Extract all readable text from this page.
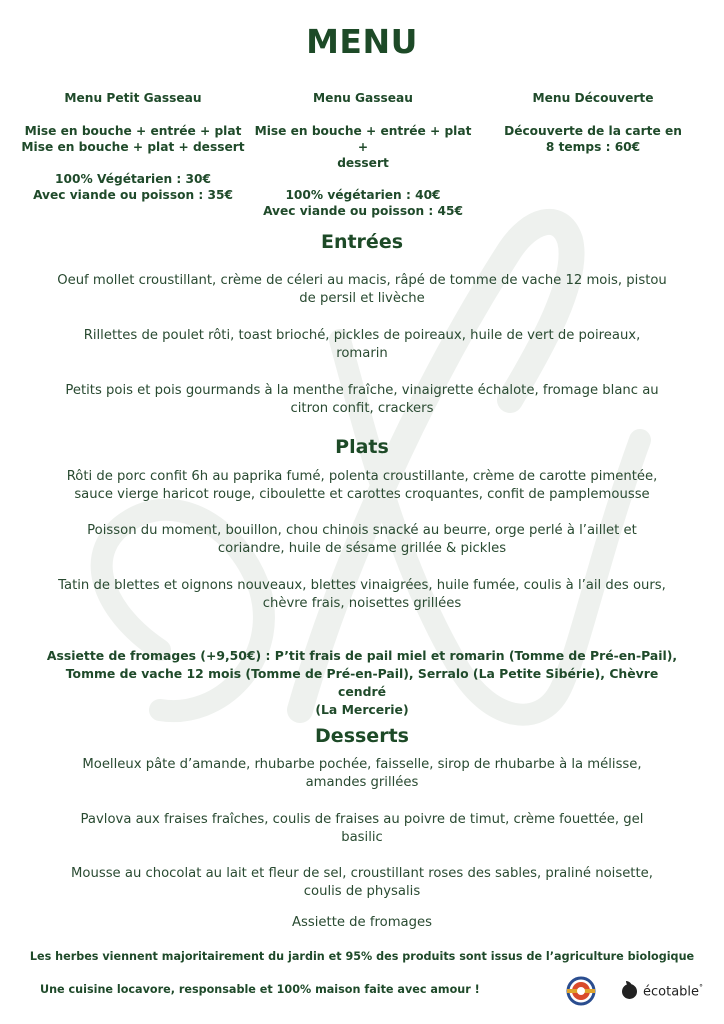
MENU
Menu Petit Gasseau
Mise en bouche + entrée + plat
Mise en bouche + plat + dessert
100% Végétarien : 30€
Avec viande ou poisson : 35€
Menu Gasseau
Mise en bouche + entrée + plat +
dessert
100% végétarien : 40€
Avec viande ou poisson : 45€
Menu Découverte
Découverte de la carte en
8 temps : 60€
Entrées
Oeuf mollet croustillant, crème de céleri au macis, râpé de tomme de vache 12 mois, pistou
de persil et livèche
Rillettes de poulet rôti, toast brioché, pickles de poireaux, huile de vert de poireaux,
romarin
Petits pois et pois gourmands à la menthe fraîche, vinaigrette échalote, fromage blanc au
citron confit, crackers
Plats
Rôti de porc confit 6h au paprika fumé, polenta croustillante, crème de carotte pimentée,
sauce vierge haricot rouge, ciboulette et carottes croquantes, confit de pamplemousse
Poisson du moment, bouillon, chou chinois snacké au beurre, orge perlé à l’aillet et
coriandre, huile de sésame grillée & pickles
Tatin de blettes et oignons nouveaux, blettes vinaigrées, huile fumée, coulis à l’ail des ours,
chèvre frais, noisettes grillées
Assiette de fromages (+9,50€) : P’tit frais de pail miel et romarin (Tomme de Pré-en-Pail),
Tomme de vache 12 mois (Tomme de Pré-en-Pail), Serralo (La Petite Sibérie), Chèvre cendré
(La Mercerie)
Desserts
Moelleux pâte d’amande, rhubarbe pochée, faisselle, sirop de rhubarbe à la mélisse,
amandes grillées
Pavlova aux fraises fraîches, coulis de fraises au poivre de timut, crème fouettée, gel
basilic
Mousse au chocolat au lait et fleur de sel, croustillant roses des sables, praliné noisette,
coulis de physalis
Assiette de fromages
Les herbes viennent majoritairement du jardin et 95% des produits sont issus de l’agriculture biologique
Une cuisine locavore, responsable et 100% maison faite avec amour !	écotable°
